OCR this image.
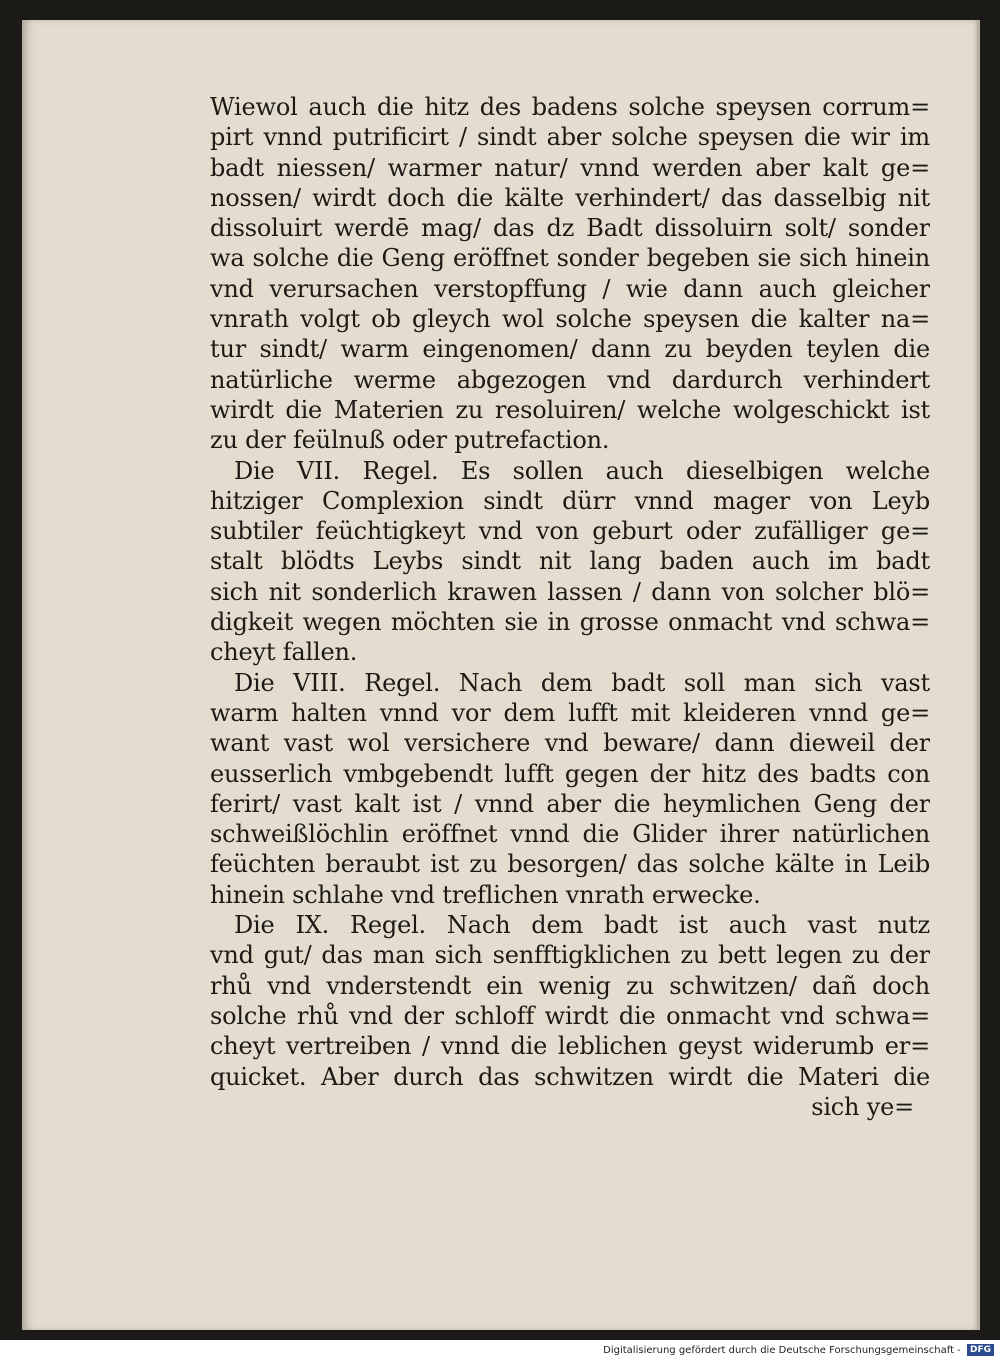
Wiewol auch die hitz des badens solche speysen corrum=
pirt vnnd putrificirt / sindt aber solche speysen die wir im
badt niessen/ warmer natur/ vnnd werden aber kalt ge=
nossen/ wirdt doch die kälte verhindert/ das dasselbig nit
dissoluirt werdē mag/ das dz Badt dissoluirn solt/ sonder
wa solche die Geng eröffnet sonder begeben sie sich hinein
vnd verursachen verstopffung / wie dann auch gleicher
vnrath volgt ob gleych wol solche speysen die kalter na=
tur sindt/ warm eingenomen/ dann zu beyden teylen die
natürliche werme abgezogen vnd dardurch verhindert
wirdt die Materien zu resoluiren/ welche wolgeschickt ist
zu der feülnuß oder putrefaction.
Die VII. Regel. Es sollen auch dieselbigen welche
hitziger Complexion sindt dürr vnnd mager von Leyb
subtiler feüchtigkeyt vnd von geburt oder zufälliger ge=
stalt blödts Leybs sindt nit lang baden auch im badt
sich nit sonderlich krawen lassen / dann von solcher blö=
digkeit wegen möchten sie in grosse onmacht vnd schwa=
cheyt fallen.
Die VIII. Regel. Nach dem badt soll man sich vast
warm halten vnnd vor dem lufft mit kleideren vnnd ge=
want vast wol versichere vnd beware/ dann dieweil der
eusserlich vmbgebendt lufft gegen der hitz des badts con
ferirt/ vast kalt ist / vnnd aber die heymlichen Geng der
schweißlöchlin eröffnet vnnd die Glider ihrer natürlichen
feüchten beraubt ist zu besorgen/ das solche kälte in Leib
hinein schlahe vnd treflichen vnrath erwecke.
Die IX. Regel. Nach dem badt ist auch vast nutz
vnd gut/ das man sich senfftigklichen zu bett legen zu der
rhů vnd vnderstendt ein wenig zu schwitzen/ dañ doch
solche rhů vnd der schloff wirdt die onmacht vnd schwa=
cheyt vertreiben / vnnd die leblichen geyst widerumb er=
quicket. Aber durch das schwitzen wirdt die Materi die
sich ye=
Digitalisierung gefördert durch die Deutsche Forschungsgemeinschaft - DFG
